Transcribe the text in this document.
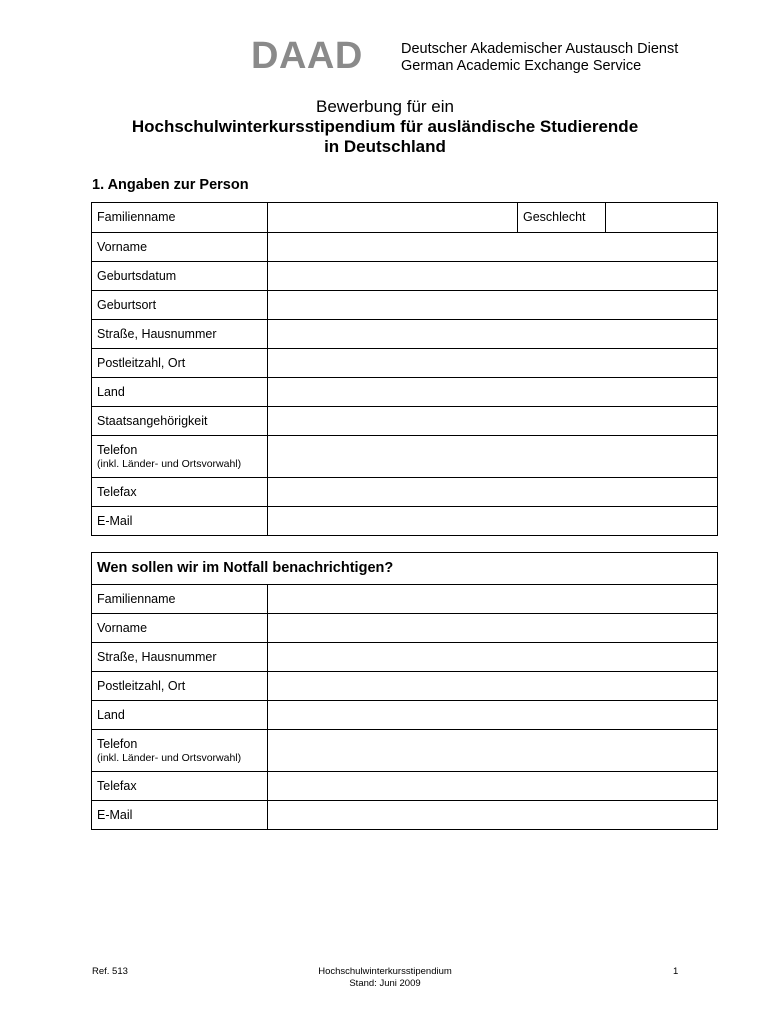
DAAD	Deutscher Akademischer Austausch Dienst
German Academic Exchange Service
Bewerbung für ein
Hochschulwinterkursstipendium für ausländische Studierende
in Deutschland
1. Angaben zur Person
Familienname		Geschlecht	
Vorname			
Geburtsdatum			
Geburtsort			
Straße, Hausnummer			
Postleitzahl, Ort			
Land			
Staatsangehörigkeit			
Telefon
(inkl. Länder- und Ortsvorwahl)			

Telefax			
E-Mail			
Wen sollen wir im Notfall benachrichtigen?	
Familienname	
Vorname	
Straße, Hausnummer	
Postleitzahl, Ort	
Land	
Telefon
(inkl. Länder- und Ortsvorwahl)	

Telefax	
E-Mail	
Ref. 513	Hochschulwinterkursstipendium
Stand: Juni 2009
1
